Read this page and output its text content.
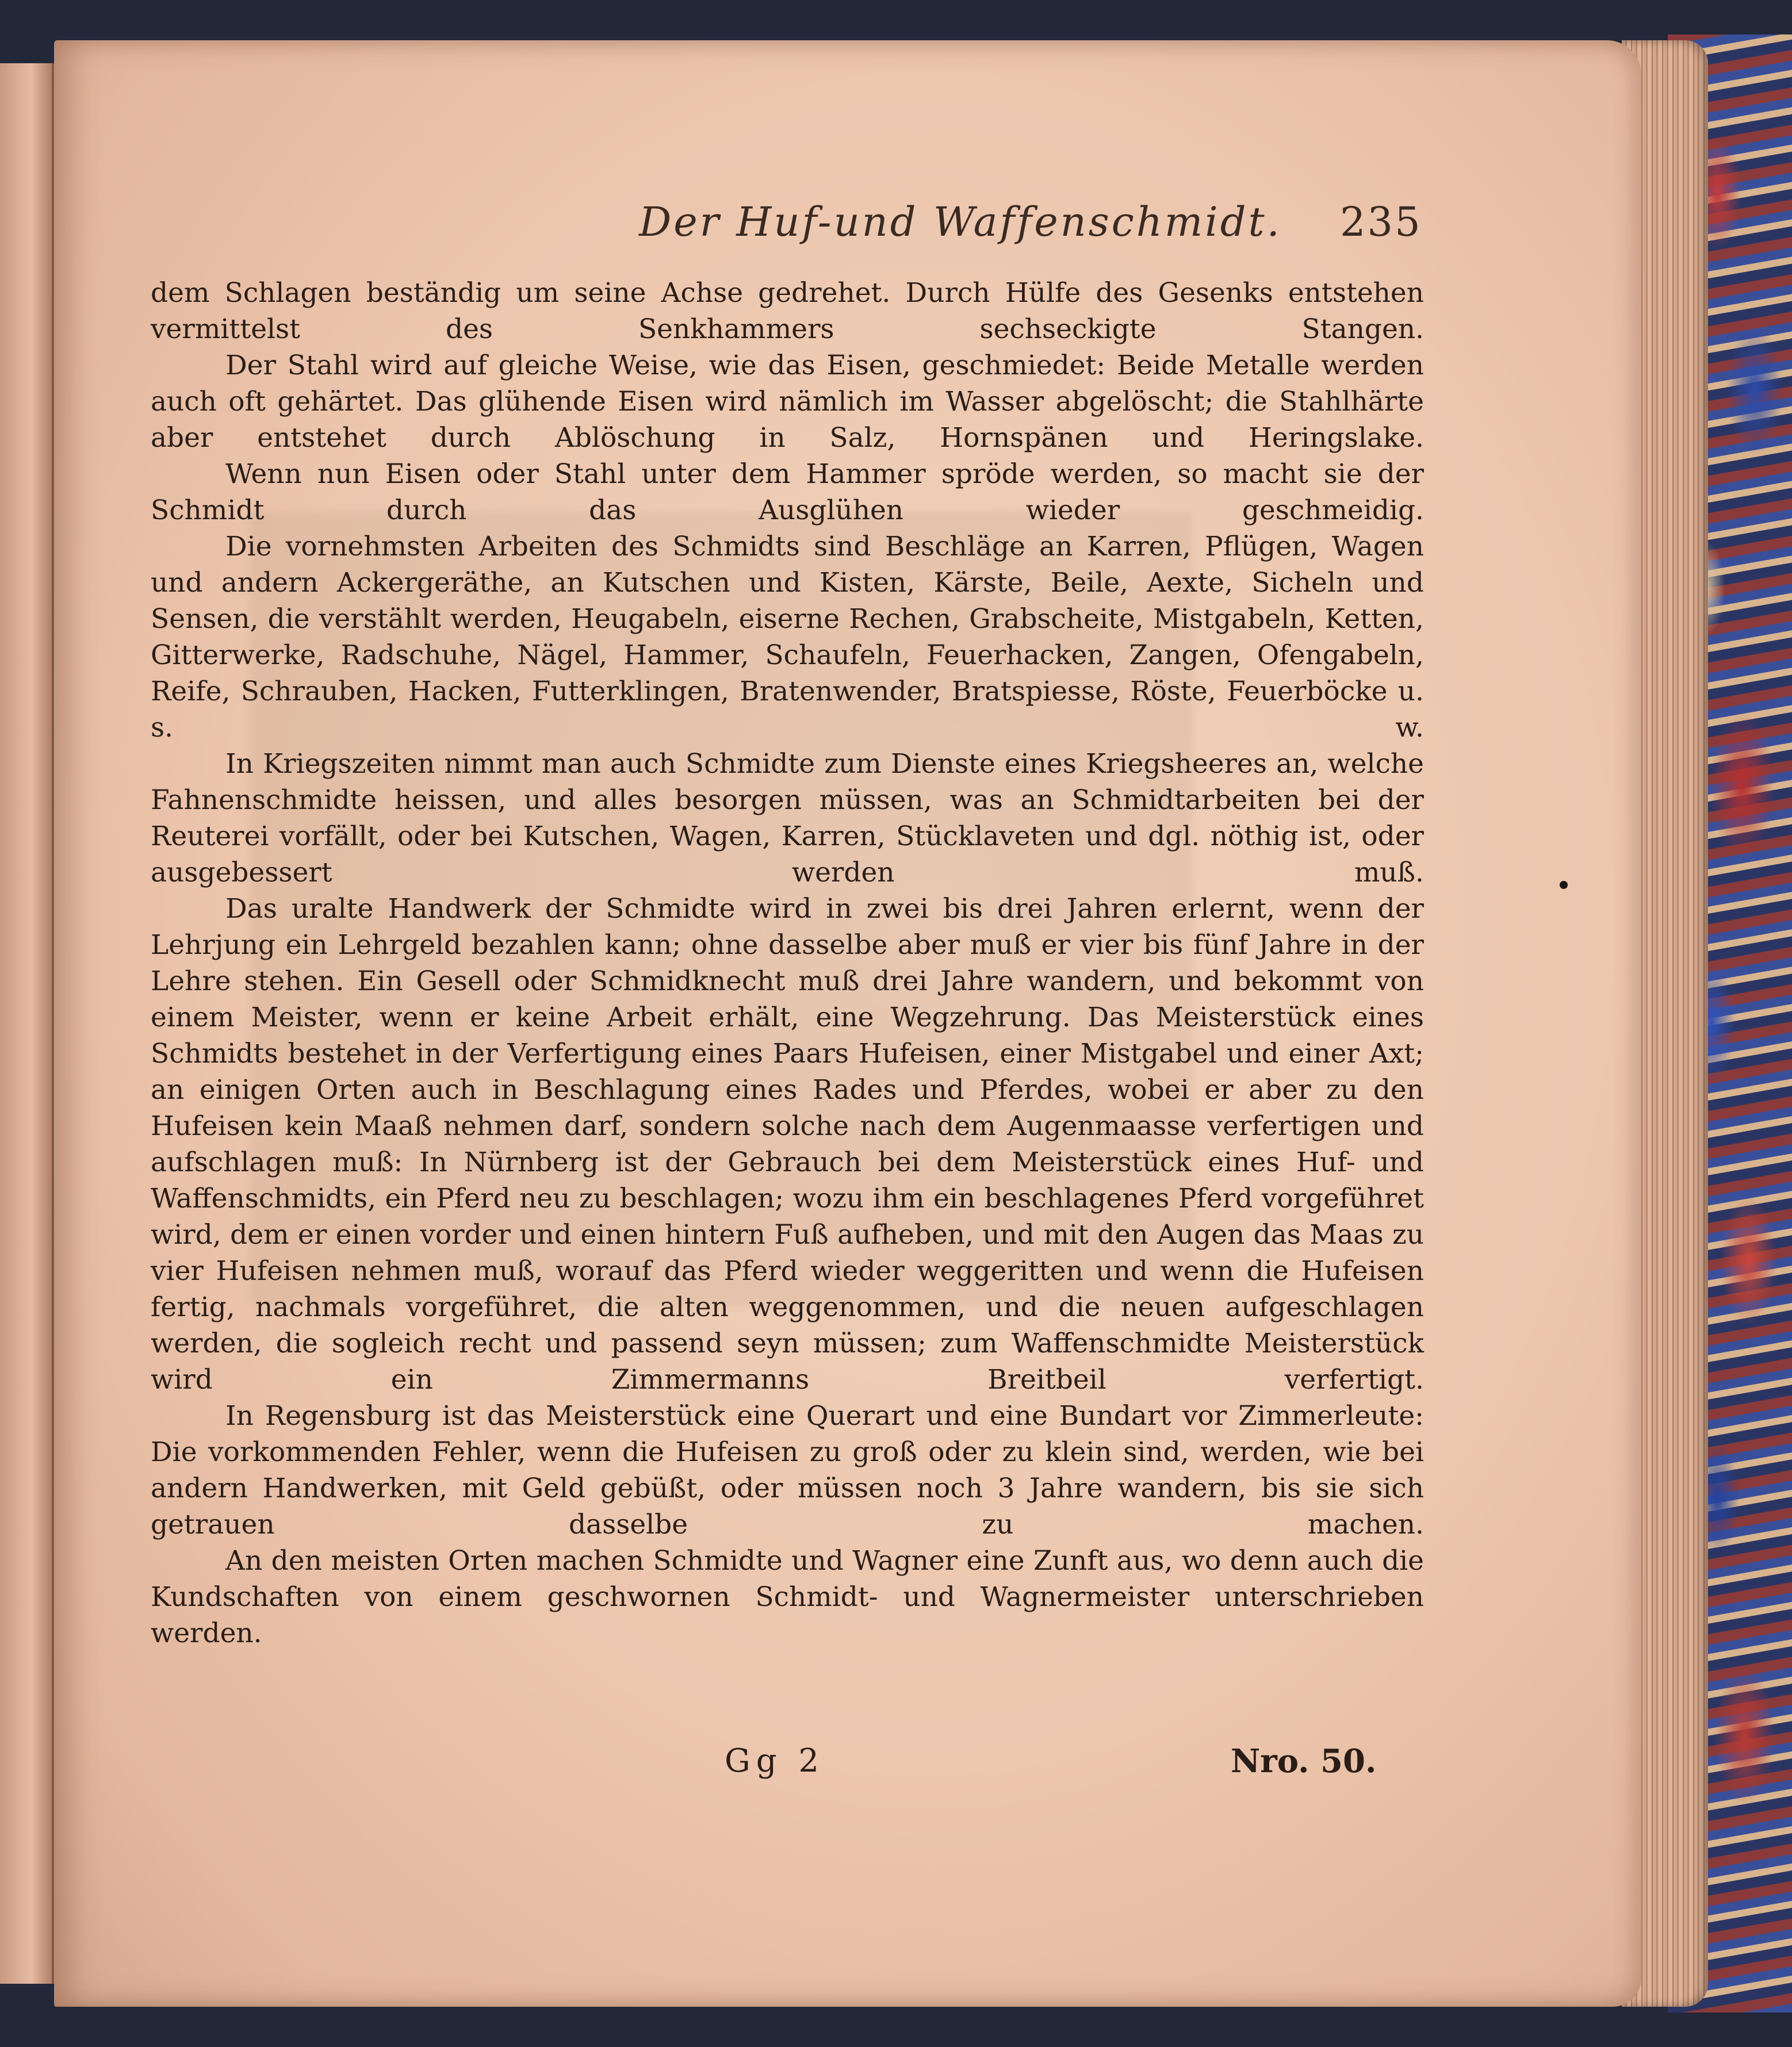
Der Huf-und Waffenschmidt.	235

dem Schlagen beständig um seine Achse gedrehet. Durch Hülfe des Gesenks entstehen vermittelst des Senkhammers sechseckigte Stangen.

Der Stahl wird auf gleiche Weise, wie das Eisen, geschmiedet: Beide Metalle werden auch oft gehärtet. Das glühende Eisen wird nämlich im Wasser abgelöscht; die Stahlhärte aber entstehet durch Ablöschung in Salz, Hornspänen und Heringslake.

Wenn nun Eisen oder Stahl unter dem Hammer spröde werden, so macht sie der Schmidt durch das Ausglühen wieder geschmeidig.

Die vornehmsten Arbeiten des Schmidts sind Beschläge an Karren, Pflügen, Wagen und andern Ackergeräthe, an Kutschen und Kisten, Kärste, Beile, Aexte, Sicheln und Sensen, die verstählt werden, Heugabeln, eiserne Rechen, Grabscheite, Mistgabeln, Ketten, Gitterwerke, Radschuhe, Nägel, Hammer, Schaufeln, Feuerhacken, Zangen, Ofengabeln, Reife, Schrauben, Hacken, Futterklingen, Bratenwender, Bratspiesse, Röste, Feuerböcke u. s. w.

In Kriegszeiten nimmt man auch Schmidte zum Dienste eines Kriegsheeres an, welche Fahnenschmidte heissen, und alles besorgen müssen, was an Schmidtarbeiten bei der Reuterei vorfällt, oder bei Kutschen, Wagen, Karren, Stücklaveten und dgl. nöthig ist, oder ausgebessert werden muß.

Das uralte Handwerk der Schmidte wird in zwei bis drei Jahren erlernt, wenn der Lehrjung ein Lehrgeld bezahlen kann; ohne dasselbe aber muß er vier bis fünf Jahre in der Lehre stehen. Ein Gesell oder Schmidknecht muß drei Jahre wandern, und bekommt von einem Meister, wenn er keine Arbeit erhält, eine Wegzehrung. Das Meisterstück eines Schmidts bestehet in der Verfertigung eines Paars Hufeisen, einer Mistgabel und einer Axt; an einigen Orten auch in Beschlagung eines Rades und Pferdes, wobei er aber zu den Hufeisen kein Maaß nehmen darf, sondern solche nach dem Augenmaasse verfertigen und aufschlagen muß: In Nürnberg ist der Gebrauch bei dem Meisterstück eines Huf- und Waffenschmidts, ein Pferd neu zu beschlagen; wozu ihm ein beschlagenes Pferd vorgeführet wird, dem er einen vorder und einen hintern Fuß aufheben, und mit den Augen das Maas zu vier Hufeisen nehmen muß, worauf das Pferd wieder weggeritten und wenn die Hufeisen fertig, nachmals vorgeführet, die alten weggenommen, und die neuen aufgeschlagen werden, die sogleich recht und passend seyn müssen; zum Waffenschmidte Meisterstück wird ein Zimmermanns Breitbeil verfertigt.

In Regensburg ist das Meisterstück eine Querart und eine Bundart vor Zimmerleute: Die vorkommenden Fehler, wenn die Hufeisen zu groß oder zu klein sind, werden, wie bei andern Handwerken, mit Geld gebüßt, oder müssen noch 3 Jahre wandern, bis sie sich getrauen dasselbe zu machen.

An den meisten Orten machen Schmidte und Wagner eine Zunft aus, wo denn auch die Kundschaften von einem geschwornen Schmidt- und Wagnermeister unterschrieben werden.

Gg 2	Nro. 50.
